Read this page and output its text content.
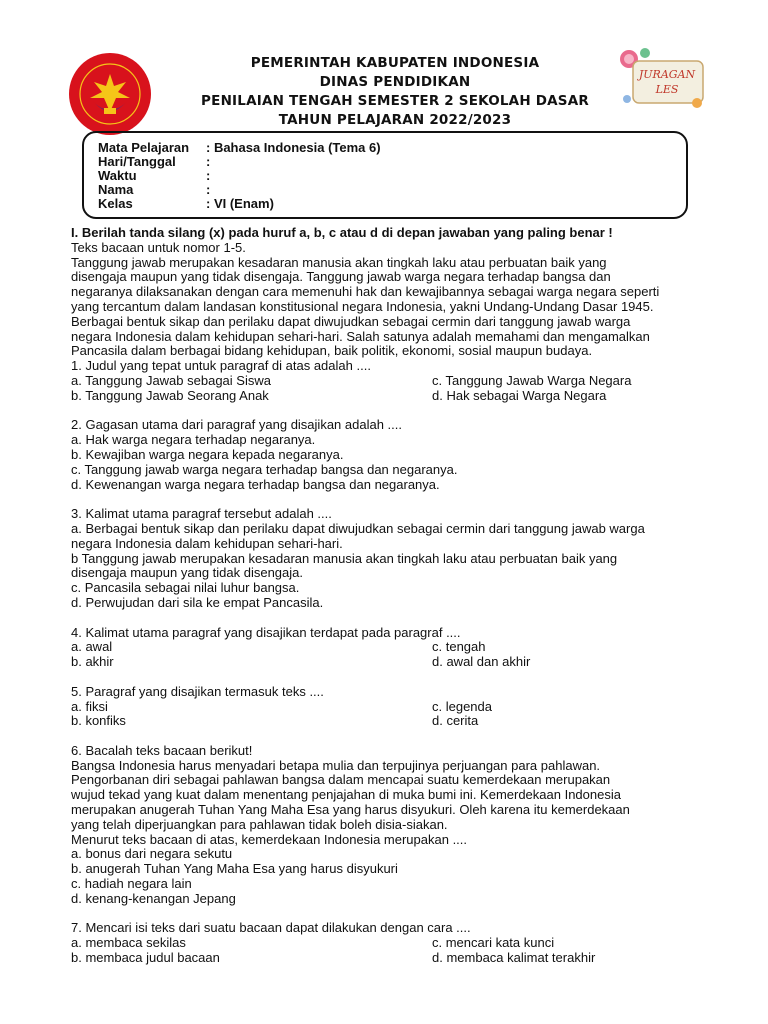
PEMERINTAH KABUPATEN INDONESIA
DINAS PENDIDIKAN
PENILAIAN TENGAH SEMESTER 2 SEKOLAH DASAR
TAHUN PELAJARAN 2022/2023
JURAGAN
LES
Mata Pelajaran : Bahasa Indonesia (Tema 6)
Hari/Tanggal :
Waktu	:
Nama	:
Kelas	: VI (Enam)
I. Berilah tanda silang (x) pada huruf a, b, c atau d di depan jawaban yang paling benar !
Teks bacaan untuk nomor 1-5.
Tanggung jawab merupakan kesadaran manusia akan tingkah laku atau perbuatan baik yang
disengaja maupun yang tidak disengaja. Tanggung jawab warga negara terhadap bangsa dan
negaranya dilaksanakan dengan cara memenuhi hak dan kewajibannya sebagai warga negara seperti
yang tercantum dalam landasan konstitusional negara Indonesia, yakni Undang-Undang Dasar 1945.
Berbagai bentuk sikap dan perilaku dapat diwujudkan sebagai cermin dari tanggung jawab warga
negara Indonesia dalam kehidupan sehari-hari. Salah satunya adalah memahami dan mengamalkan
Pancasila dalam berbagai bidang kehidupan, baik politik, ekonomi, sosial maupun budaya.
1. Judul yang tepat untuk paragraf di atas adalah ....
a. Tanggung Jawab sebagai Siswa	c. Tanggung Jawab Warga Negara
b. Tanggung Jawab Seorang Anak	d. Hak sebagai Warga Negara
2. Gagasan utama dari paragraf yang disajikan adalah ....
a. Hak warga negara terhadap negaranya.
b. Kewajiban warga negara kepada negaranya.
c. Tanggung jawab warga negara terhadap bangsa dan negaranya.
d. Kewenangan warga negara terhadap bangsa dan negaranya.
3. Kalimat utama paragraf tersebut adalah ....
a. Berbagai bentuk sikap dan perilaku dapat diwujudkan sebagai cermin dari tanggung jawab warga
negara Indonesia dalam kehidupan sehari-hari.
b Tanggung jawab merupakan kesadaran manusia akan tingkah laku atau perbuatan baik yang
disengaja maupun yang tidak disengaja.
c. Pancasila sebagai nilai luhur bangsa.
d. Perwujudan dari sila ke empat Pancasila.
4. Kalimat utama paragraf yang disajikan terdapat pada paragraf ....
a. awal	c. tengah
b. akhir	d. awal dan akhir
5. Paragraf yang disajikan termasuk teks ....
a. fiksi	c. legenda
b. konfiks	d. cerita
6. Bacalah teks bacaan berikut!
Bangsa Indonesia harus menyadari betapa mulia dan terpujinya perjuangan para pahlawan.
Pengorbanan diri sebagai pahlawan bangsa dalam mencapai suatu kemerdekaan merupakan
wujud tekad yang kuat dalam menentang penjajahan di muka bumi ini. Kemerdekaan Indonesia
merupakan anugerah Tuhan Yang Maha Esa yang harus disyukuri. Oleh karena itu kemerdekaan
yang telah diperjuangkan para pahlawan tidak boleh disia-siakan.
Menurut teks bacaan di atas, kemerdekaan Indonesia merupakan ....
a. bonus dari negara sekutu
b. anugerah Tuhan Yang Maha Esa yang harus disyukuri
c. hadiah negara lain
d. kenang-kenangan Jepang
7. Mencari isi teks dari suatu bacaan dapat dilakukan dengan cara ....
a. membaca sekilas	c. mencari kata kunci
b. membaca judul bacaan	d. membaca kalimat terakhir
